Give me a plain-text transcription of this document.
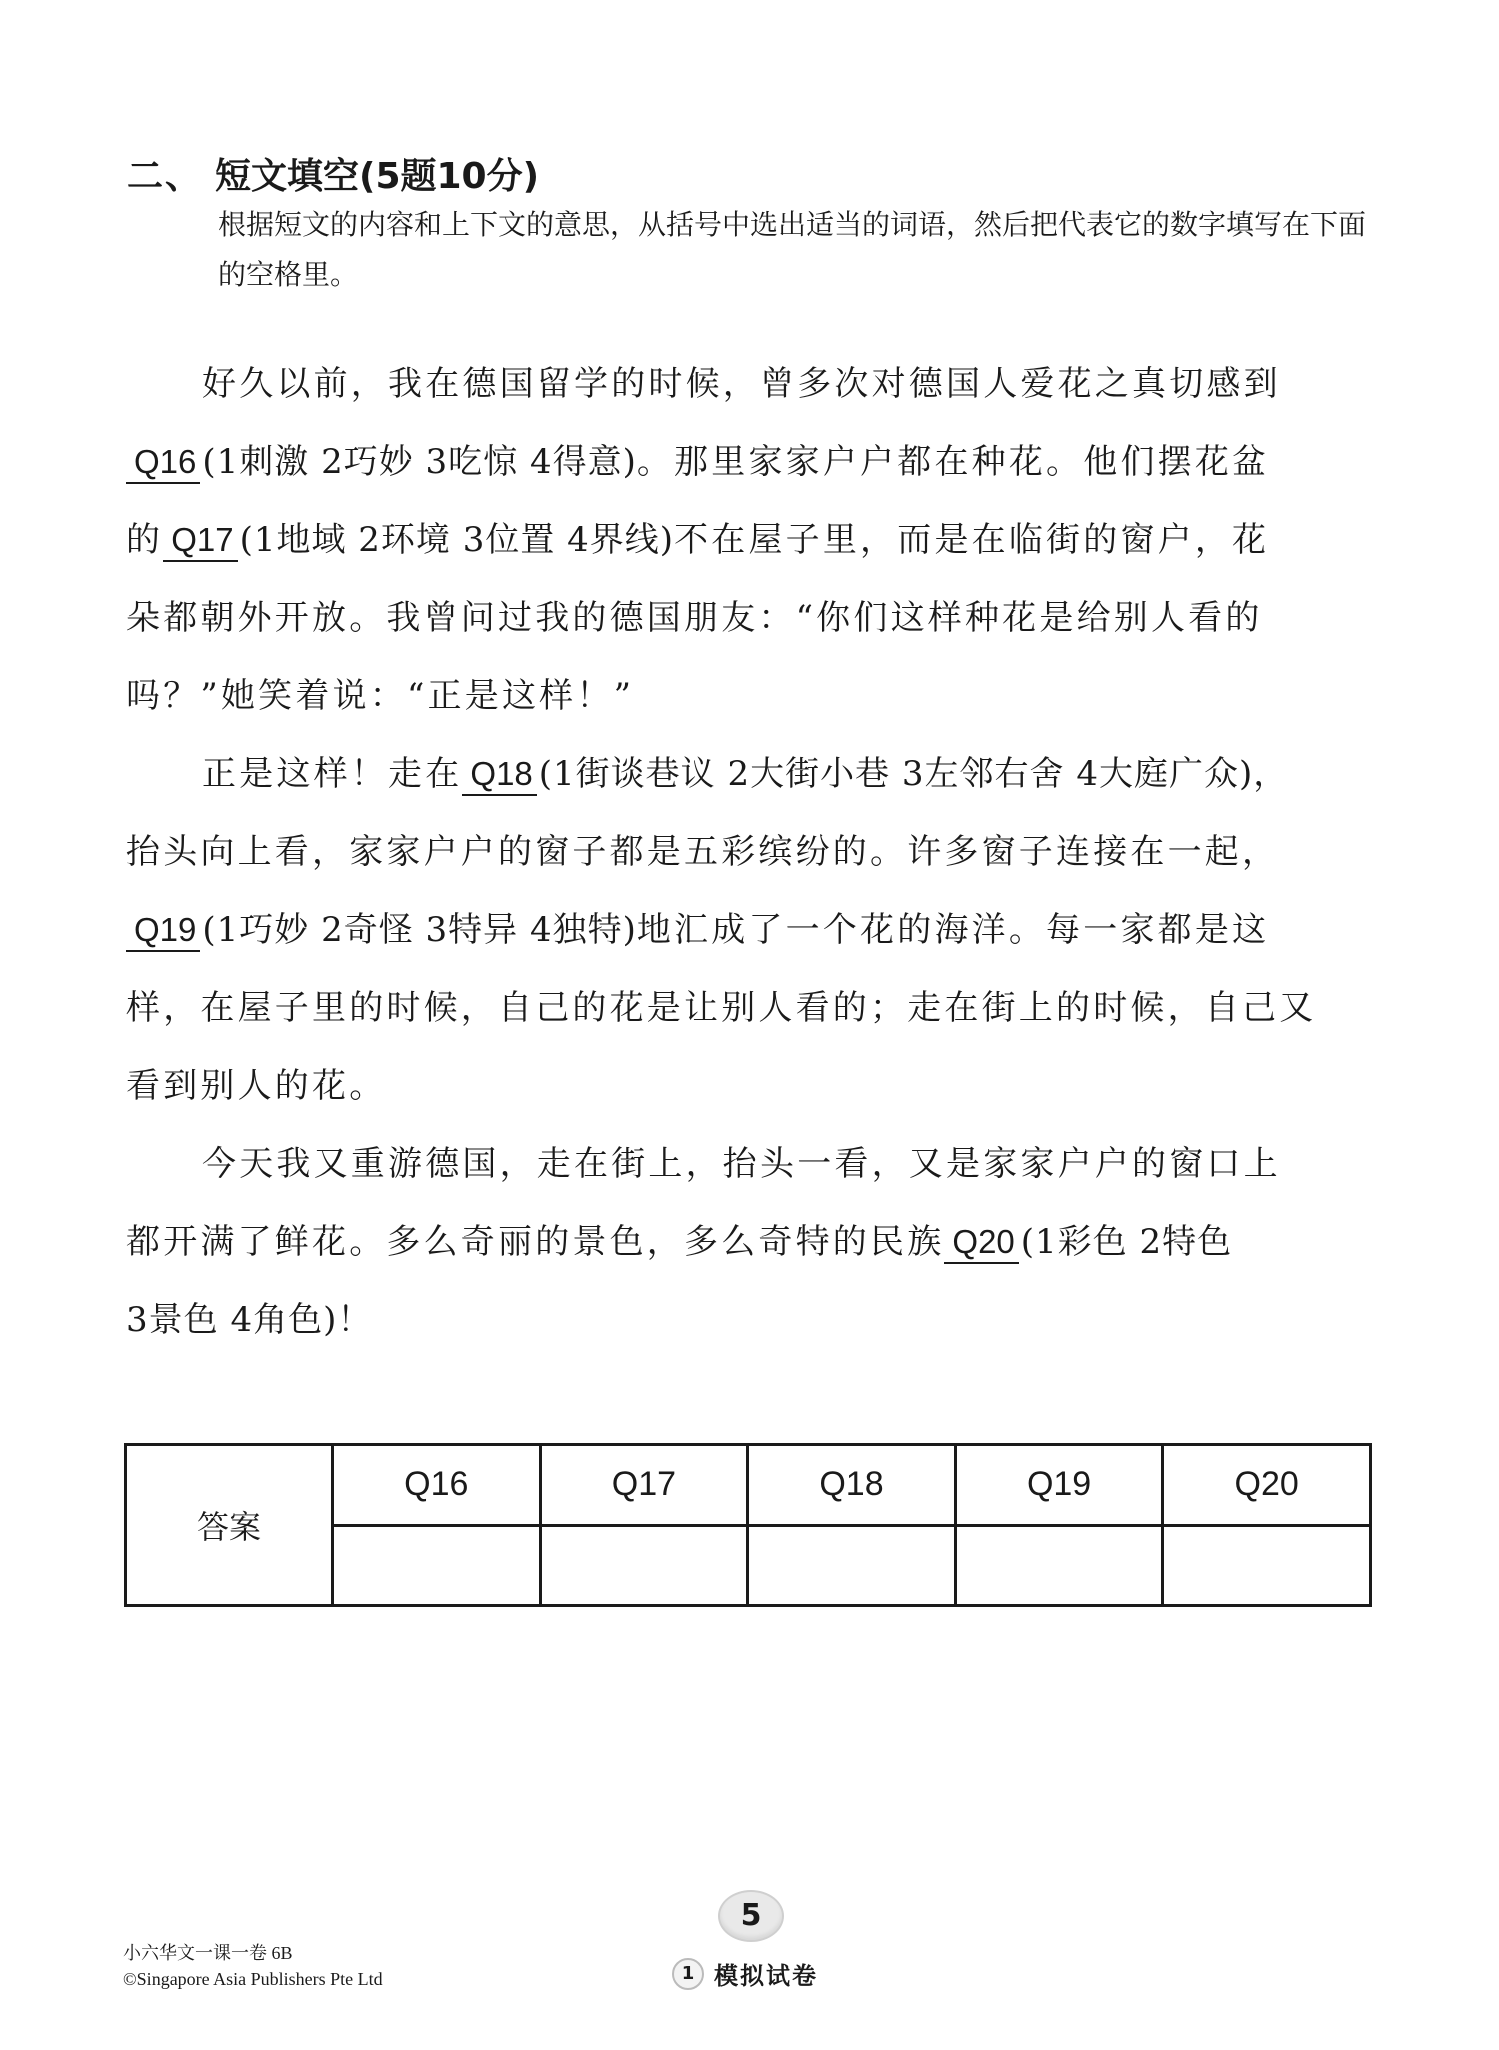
二、 短文填空(5题10分)
根据短文的内容和上下文的意思，从括号中选出适当的词语，然后把代表它的数字填写在下面的空格里。
好久以前，我在德国留学的时候，曾多次对德国人爱花之真切感到
Q16 (1刺激 2巧妙 3吃惊 4得意)。那里家家户户都在种花。他们摆花盆
的 Q17 (1地域 2环境 3位置 4界线)不在屋子里，而是在临街的窗户，花
朵都朝外开放。我曾问过我的德国朋友：“你们这样种花是给别人看的
吗？”她笑着说：“正是这样！”
正是这样！走在 Q18 (1街谈巷议 2大街小巷 3左邻右舍 4大庭广众)，
抬头向上看，家家户户的窗子都是五彩缤纷的。许多窗子连接在一起，
Q19 (1巧妙 2奇怪 3特异 4独特)地汇成了一个花的海洋。每一家都是这
样，在屋子里的时候，自己的花是让别人看的；走在街上的时候，自己又
看到别人的花。
今天我又重游德国，走在街上，抬头一看，又是家家户户的窗口上
都开满了鲜花。多么奇丽的景色，多么奇特的民族 Q20 (1彩色 2特色
3景色 4角色)！
答案	Q16	Q17	Q18	Q19	Q20

小六华文一课一卷 6B
©Singapore Asia Publishers Pte Ltd
5
1 模拟试卷
